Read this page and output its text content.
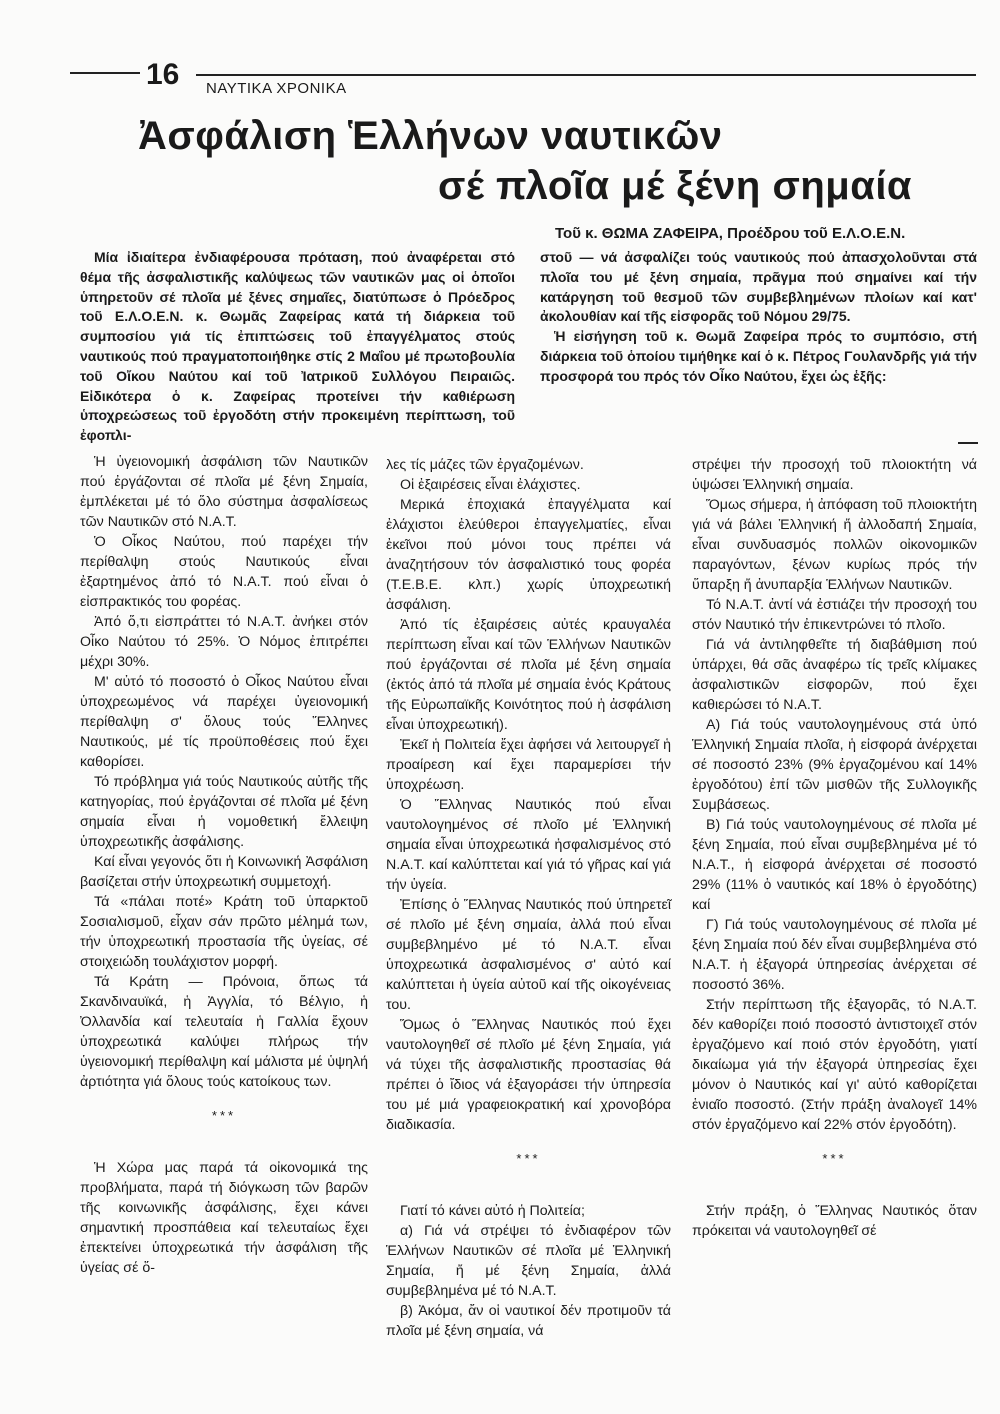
16 ΝΑΥΤΙΚΑ ΧΡΟΝΙΚΑ
Ἀσφάλιση Ἑλλήνων ναυτικῶν
σέ πλοῖα μέ ξένη σημαία
Τοῦ κ. ΘΩΜΑ ΖΑΦΕΙΡΑ, Προέδρου τοῦ Ε.Λ.Ο.Ε.Ν.

Μία ἰδιαίτερα ἐνδιαφέρουσα πρόταση, πού ἀναφέρεται στό θέμα τῆς ἀσφαλιστικῆς καλύψεως τῶν ναυτικῶν μας οἱ ὁποῖοι ὑπηρετοῦν σέ πλοῖα μέ ξένες σημαῖες, διατύπωσε ὁ Πρόεδρος τοῦ Ε.Λ.Ο.Ε.Ν. κ. Θωμᾶς Ζαφείρας κατά τή διάρκεια τοῦ συμποσίου γιά τίς ἐπιπτώσεις τοῦ ἐπαγγέλματος στούς ναυτικούς πού πραγματοποιήθηκε στίς 2 Μαΐου μέ πρωτοβουλία τοῦ Οἴκου Ναύτου καί τοῦ Ἰατρικοῦ Συλλόγου Πειραιῶς. Εἰδικότερα ὁ κ. Ζαφείρας προτείνει τήν καθιέρωση ὑποχρεώσεως τοῦ ἐργοδότη στήν προκειμένη περίπτωση, τοῦ ἐφοπλι-

στοῦ — νά ἀσφαλίζει τούς ναυτικούς πού ἀπασχολοῦνται στά πλοῖα του μέ ξένη σημαία, πρᾶγμα πού σημαίνει καί τήν κατάργηση τοῦ θεσμοῦ τῶν συμβεβλημένων πλοίων καί κατ' ἀκολουθίαν καί τῆς εἰσφορᾶς τοῦ Νόμου 29/75.

Ἡ εἰσήγηση τοῦ κ. Θωμᾶ Ζαφείρα πρός το συμπόσιο, στή διάρκεια τοῦ ὁποίου τιμήθηκε καί ὁ κ. Πέτρος Γουλανδρῆς γιά τήν προσφορά του πρός τόν Οἶκο Ναύτου, ἔχει ὡς ἑξῆς:

Ἡ ὑγειονομική ἀσφάλιση τῶν Ναυτικῶν πού ἐργάζονται σέ πλοῖα μέ ξένη Σημαία, ἐμπλέκεται μέ τό ὅλο σύστημα ἀσφαλίσεως τῶν Ναυτικῶν στό Ν.Α.Τ.

Ὁ Οἶκος Ναύτου, πού παρέχει τήν περίθαλψη στούς Ναυτικούς εἶναι ἐξαρτημένος ἀπό τό Ν.Α.Τ. πού εἶναι ὁ εἰσπρακτικός του φορέας.

Ἀπό ὅ,τι εἰσπράττει τό Ν.Α.Τ. ἀνήκει στόν Οἶκο Ναύτου τό 25%. Ὁ Νόμος ἐπιτρέπει μέχρι 30%.

Μ' αὐτό τό ποσοστό ὁ Οἶκος Ναύτου εἶναι ὑποχρεωμένος νά παρέχει ὑγειονομική περίθαλψη σ' ὅλους τούς Ἕλληνες Ναυτικούς, μέ τίς προϋποθέσεις πού ἔχει καθορίσει.

Τό πρόβλημα γιά τούς Ναυτικούς αὐτῆς τῆς κατηγορίας, πού ἐργάζονται σέ πλοῖα μέ ξένη σημαία εἶναι ἡ νομοθετική ἔλλειψη ὑποχρεωτικῆς ἀσφάλισης.

Καί εἶναι γεγονός ὅτι ἡ Κοινωνική Ἀσφάλιση βασίζεται στήν ὑποχρεωτική συμμετοχή.

Τά «πάλαι ποτέ» Κράτη τοῦ ὑπαρκτοῦ Σοσιαλισμοῦ, εἶχαν σάν πρῶτο μέλημά των, τήν ὑποχρεωτική προστασία τῆς ὑγείας, σέ στοιχειώδη τουλάχιστον μορφή.

Τά Κράτη — Πρόνοια, ὅπως τά Σκανδιναυϊκά, ἡ Ἀγγλία, τό Βέλγιο, ἡ Ὀλλανδία καί τελευταία ἡ Γαλλία ἔχουν ὑποχρεωτικά καλύψει πλήρως τήν ὑγειονομική περίθαλψη καί μάλιστα μέ ὑψηλή ἀρτιότητα γιά ὅλους τούς κατοίκους των.

***

Ἡ Χώρα μας παρά τά οἰκονομικά της προβλήματα, παρά τή διόγκωση τῶν βαρῶν τῆς κοινωνικῆς ἀσφάλισης, ἔχει κάνει σημαντική προσπάθεια καί τελευταίως ἔχει ἐπεκτείνει ὑποχρεωτικά τήν ἀσφάλιση τῆς ὑγείας σέ ὅ-

λες τίς μάζες τῶν ἐργαζομένων.

Οἱ ἐξαιρέσεις εἶναι ἐλάχιστες.

Μερικά ἐποχιακά ἐπαγγέλματα καί ἐλάχιστοι ἐλεύθεροι ἐπαγγελματίες, εἶναι ἐκεῖνοι πού μόνοι τους πρέπει νά ἀναζητήσουν τόν ἀσφαλιστικό τους φορέα (Τ.Ε.Β.Ε. κλπ.) χωρίς ὑποχρεωτική ἀσφάλιση.

Ἀπό τίς ἐξαιρέσεις αὐτές κραυγαλέα περίπτωση εἶναι καί τῶν Ἑλλήνων Ναυτικῶν πού ἐργάζονται σέ πλοῖα μέ ξένη σημαία (ἐκτός ἀπό τά πλοῖα μέ σημαία ἑνός Κράτους τῆς Εὐρωπαϊκῆς Κοινότητος πού ἡ ἀσφάλιση εἶναι ὑποχρεωτική).

Ἐκεῖ ἡ Πολιτεία ἔχει ἀφήσει νά λειτουργεῖ ἡ προαίρεση καί ἔχει παραμερίσει τήν ὑποχρέωση.

Ὁ Ἕλληνας Ναυτικός πού εἶναι ναυτολογημένος σέ πλοῖο μέ Ἑλληνική σημαία εἶναι ὑποχρεωτικά ἠσφαλισμένος στό Ν.Α.Τ. καί καλύπτεται καί γιά τό γῆρας καί γιά τήν ὑγεία.

Ἐπίσης ὁ Ἕλληνας Ναυτικός πού ὑπηρετεῖ σέ πλοῖο μέ ξένη σημαία, ἀλλά πού εἶναι συμβεβλημένο μέ τό Ν.Α.Τ. εἶναι ὑποχρεωτικά ἀσφαλισμένος σ' αὐτό καί καλύπτεται ἡ ὑγεία αὐτοῦ καί τῆς οἰκογένειας του.

Ὅμως ὁ Ἕλληνας Ναυτικός πού ἔχει ναυτολογηθεῖ σέ πλοῖο μέ ξένη Σημαία, γιά νά τύχει τῆς ἀσφαλιστικῆς προστασίας θά πρέπει ὁ ἴδιος νά ἐξαγοράσει τήν ὑπηρεσία του μέ μιά γραφειοκρατική καί χρονοβόρα διαδικασία.

***

Γιατί τό κάνει αὐτό ἡ Πολιτεία;

α) Γιά νά στρέψει τό ἐνδιαφέρον τῶν Ἑλλήνων Ναυτικῶν σέ πλοῖα μέ Ἑλληνική Σημαία, ἤ μέ ξένη Σημαία, ἀλλά συμβεβλημένα μέ τό Ν.Α.Τ.

β) Ἀκόμα, ἄν οἱ ναυτικοί δέν προτιμοῦν τά πλοῖα μέ ξένη σημαία, νά

στρέψει τήν προσοχή τοῦ πλοιοκτήτη νά ὑψώσει Ἑλληνική σημαία.

Ὅμως σήμερα, ἡ ἀπόφαση τοῦ πλοιοκτήτη γιά νά βάλει Ἑλληνική ἤ ἀλλοδαπή Σημαία, εἶναι συνδυασμός πολλῶν οἰκονομικῶν παραγόντων, ξένων κυρίως πρός τήν ὕπαρξη ἤ ἀνυπαρξία Ἑλλήνων Ναυτικῶν.

Τό Ν.Α.Τ. ἀντί νά ἐστιάζει τήν προσοχή του στόν Ναυτικό τήν ἐπικεντρώνει τό πλοῖο.

Γιά νά ἀντιληφθεῖτε τή διαβάθμιση πού ὑπάρχει, θά σᾶς ἀναφέρω τίς τρεῖς κλίμακες ἀσφαλιστικῶν εἰσφορῶν, πού ἔχει καθιερώσει τό Ν.Α.Τ.

Α) Γιά τούς ναυτολογημένους στά ὑπό Ἑλληνική Σημαία πλοῖα, ἡ εἰσφορά ἀνέρχεται σέ ποσοστό 23% (9% ἐργαζομένου καί 14% ἐργοδότου) ἐπί τῶν μισθῶν τῆς Συλλογικῆς Συμβάσεως.

Β) Γιά τούς ναυτολογημένους σέ πλοῖα μέ ξένη Σημαία, πού εἶναι συμβεβλημένα μέ τό Ν.Α.Τ., ἡ εἰσφορά ἀνέρχεται σέ ποσοστό 29% (11% ὁ ναυτικός καί 18% ὁ ἐργοδότης) καί

Γ) Γιά τούς ναυτολογημένους σέ πλοῖα μέ ξένη Σημαία πού δέν εἶναι συμβεβλημένα στό Ν.Α.Τ. ἡ ἐξαγορά ὑπηρεσίας ἀνέρχεται σέ ποσοστό 36%.

Στήν περίπτωση τῆς ἐξαγορᾶς, τό Ν.Α.Τ. δέν καθορίζει ποιό ποσοστό ἀντιστοιχεῖ στόν ἐργαζόμενο καί ποιό στόν ἐργοδότη, γιατί δικαίωμα γιά τήν ἐξαγορά ὑπηρεσίας ἔχει μόνον ὁ Ναυτικός καί γι' αὐτό καθορίζεται ἑνιαῖο ποσοστό. (Στήν πράξη ἀναλογεῖ 14% στόν ἐργαζόμενο καί 22% στόν ἐργοδότη).

***

Στήν πράξη, ὁ Ἕλληνας Ναυτικός ὅταν πρόκειται νά ναυτολογηθεῖ σέ
